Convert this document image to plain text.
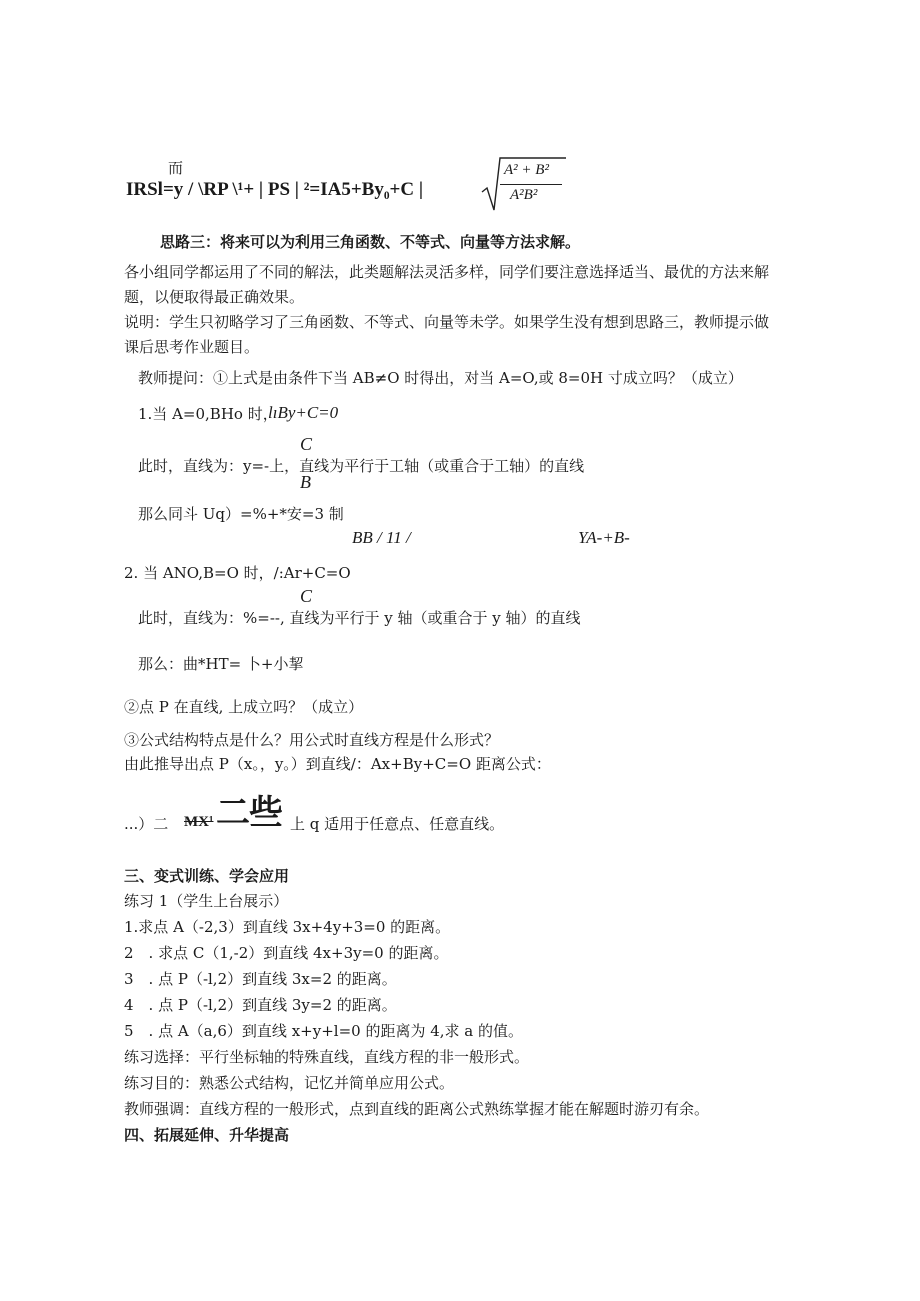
而
IRSl=y / \RP \¹+ | PS | ²=IA5+By₀+C |
A² + B²
A²B²
思路三：将来可以为利用三角函数、不等式、向量等方法求解。
各小组同学都运用了不同的解法，此类题解法灵活多样，同学们要注意选择适当、最优的方法来解
题，以便取得最正确效果。
说明：学生只初略学习了三角函数、不等式、向量等未学。如果学生没有想到思路三，教师提示做
课后思考作业题目。
教师提问：①上式是由条件下当 AB≠O 时得出，对当 A=O,或 8=0H 寸成立吗？（成立）
1.当 A=0,BHo 时，
lıBy+C=0
C
此时，直线为：y=-上，直线为平行于工轴（或重合于工轴）的直线
B
那么同斗 Uq）=%+*安=3 制
BB / 11 /	YA-+B-
2. 当 ANO,B=O 时，/:Ar+C=O
C
此时，直线为：%=--, 直线为平行于 y 轴（或重合于 y 轴）的直线
那么：曲*HT= 卜+小挈
②点 P 在直线, 上成立吗？（成立）
③公式结构特点是什么？用公式时直线方程是什么形式？
由此推导出点 P（x。，y。）到直线/：Ax+By+C=O 距离公式：
...）二 MX¹ 二些 上 q 适用于任意点、任意直线。
三、变式训练、学会应用
练习 1（学生上台展示）
1.求点 A（-2,3）到直线 3x+4y+3=0 的距离。
2　. 求点 C（1,-2）到直线 4x+3y=0 的距离。
3　. 点 P（-l,2）到直线 3x=2 的距离。
4　. 点 P（-l,2）到直线 3y=2 的距离。
5　. 点 A（a,6）到直线 x+y+l=0 的距离为 4,求 a 的值。
练习选择：平行坐标轴的特殊直线，直线方程的非一般形式。
练习目的：熟悉公式结构，记忆并简单应用公式。
教师强调：直线方程的一般形式，点到直线的距离公式熟练掌握才能在解题时游刃有余。
四、拓展延伸、升华提高
